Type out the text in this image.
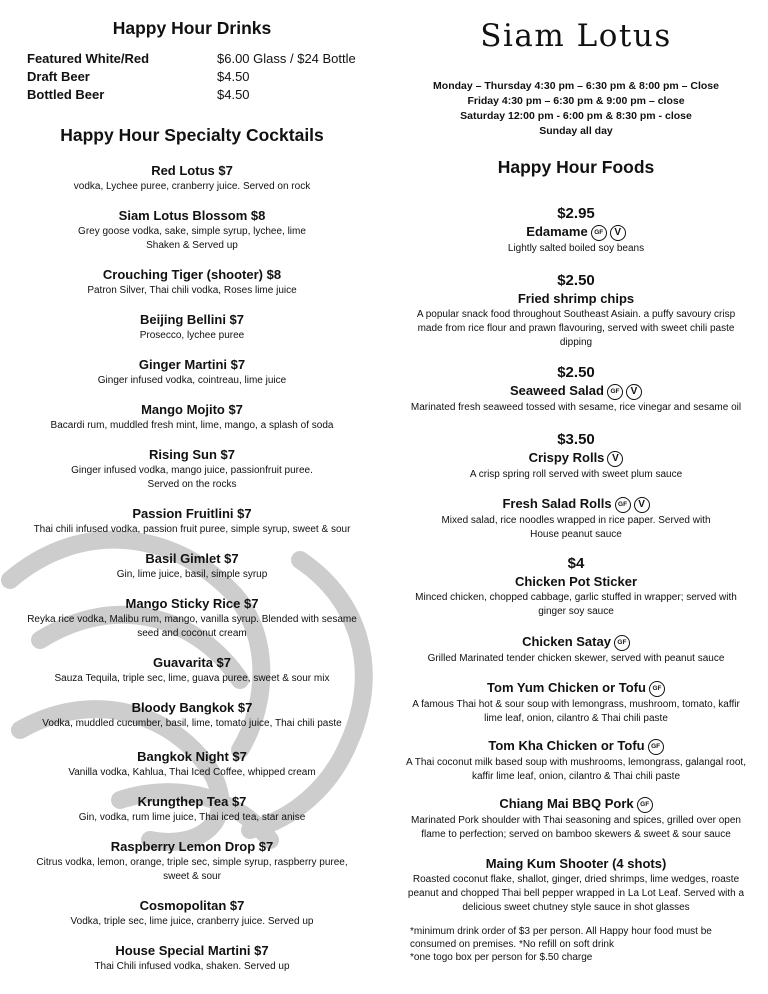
Happy Hour Drinks
Featured White/Red	$6.00 Glass / $24 Bottle
Draft Beer	$4.50
Bottled Beer	$4.50
Happy Hour Specialty Cocktails
Red Lotus $7
vodka, Lychee puree, cranberry juice. Served on rock
Siam Lotus Blossom $8
Grey goose vodka, sake, simple syrup, lychee, lime
Shaken & Served up
Crouching Tiger (shooter) $8
Patron Silver, Thai chili vodka, Roses lime juice
Beijing Bellini $7
Prosecco, lychee puree
Ginger Martini $7
Ginger infused vodka, cointreau, lime juice
Mango Mojito $7
Bacardi rum, muddled fresh mint, lime, mango, a splash of soda
Rising Sun $7
Ginger infused vodka, mango juice, passionfruit puree.
Served on the rocks
Passion Fruitlini $7
Thai chili infused vodka, passion fruit puree, simple syrup, sweet & sour
Basil Gimlet $7
Gin, lime juice, basil, simple syrup
Mango Sticky Rice $7
Reyka rice vodka, Malibu rum, mango, vanilla syrup. Blended with sesame
seed and coconut cream
Guavarita $7
Sauza Tequila, triple sec, lime, guava puree, sweet & sour mix
Bloody Bangkok $7
Vodka, muddled cucumber, basil, lime, tomato juice, Thai chili paste
Bangkok Night $7
Vanilla vodka, Kahlua, Thai Iced Coffee, whipped cream
Krungthep Tea $7
Gin, vodka, rum lime juice, Thai iced tea, star anise
Raspberry Lemon Drop $7
Citrus vodka, lemon, orange, triple sec, simple syrup, raspberry puree,
sweet & sour
Cosmopolitan $7
Vodka, triple sec, lime juice, cranberry juice. Served up
House Special Martini $7
Thai Chili infused vodka, shaken. Served up
Siam Lotus
Monday – Thursday 4:30 pm – 6:30 pm & 8:00 pm – Close
Friday 4:30 pm – 6:30 pm & 9:00 pm – close
Saturday 12:00 pm - 6:00 pm & 8:30 pm - close
Sunday all day
Happy Hour Foods
$2.95
Edamame GF V
Lightly salted boiled soy beans
$2.50
Fried shrimp chips
A popular snack food throughout Southeast Asiain. a puffy savoury crisp
made from rice flour and prawn flavouring, served with sweet chili paste
dipping
$2.50
Seaweed Salad GF V
Marinated fresh seaweed tossed with sesame, rice vinegar and sesame oil
$3.50
Crispy Rolls V
A crisp spring roll served with sweet plum sauce
Fresh Salad Rolls GF V
Mixed salad, rice noodles wrapped in rice paper. Served with
House peanut sauce
$4
Chicken Pot Sticker
Minced chicken, chopped cabbage, garlic stuffed in wrapper; served with
ginger soy sauce
Chicken Satay GF
Grilled Marinated tender chicken skewer, served with peanut sauce
Tom Yum Chicken or Tofu GF
A famous Thai hot & sour soup with lemongrass, mushroom, tomato, kaffir
lime leaf, onion, cilantro & Thai chili paste
Tom Kha Chicken or Tofu GF
A Thai coconut milk based soup with mushrooms, lemongrass, galangal root,
kaffir lime leaf, onion, cilantro & Thai chili paste
Chiang Mai BBQ Pork GF
Marinated Pork shoulder with Thai seasoning and spices, grilled over open
flame to perfection; served on bamboo skewers & sweet & sour sauce
Maing Kum Shooter (4 shots)
Roasted coconut flake, shallot, ginger, dried shrimps, lime wedges, roaste
peanut and chopped Thai bell pepper wrapped in La Lot Leaf. Served with a
delicious sweet chutney style sauce in shot glasses
*minimum drink order of $3 per person. All Happy hour food must be
consumed on premises. *No refill on soft drink
*one togo box per person for $.50 charge
